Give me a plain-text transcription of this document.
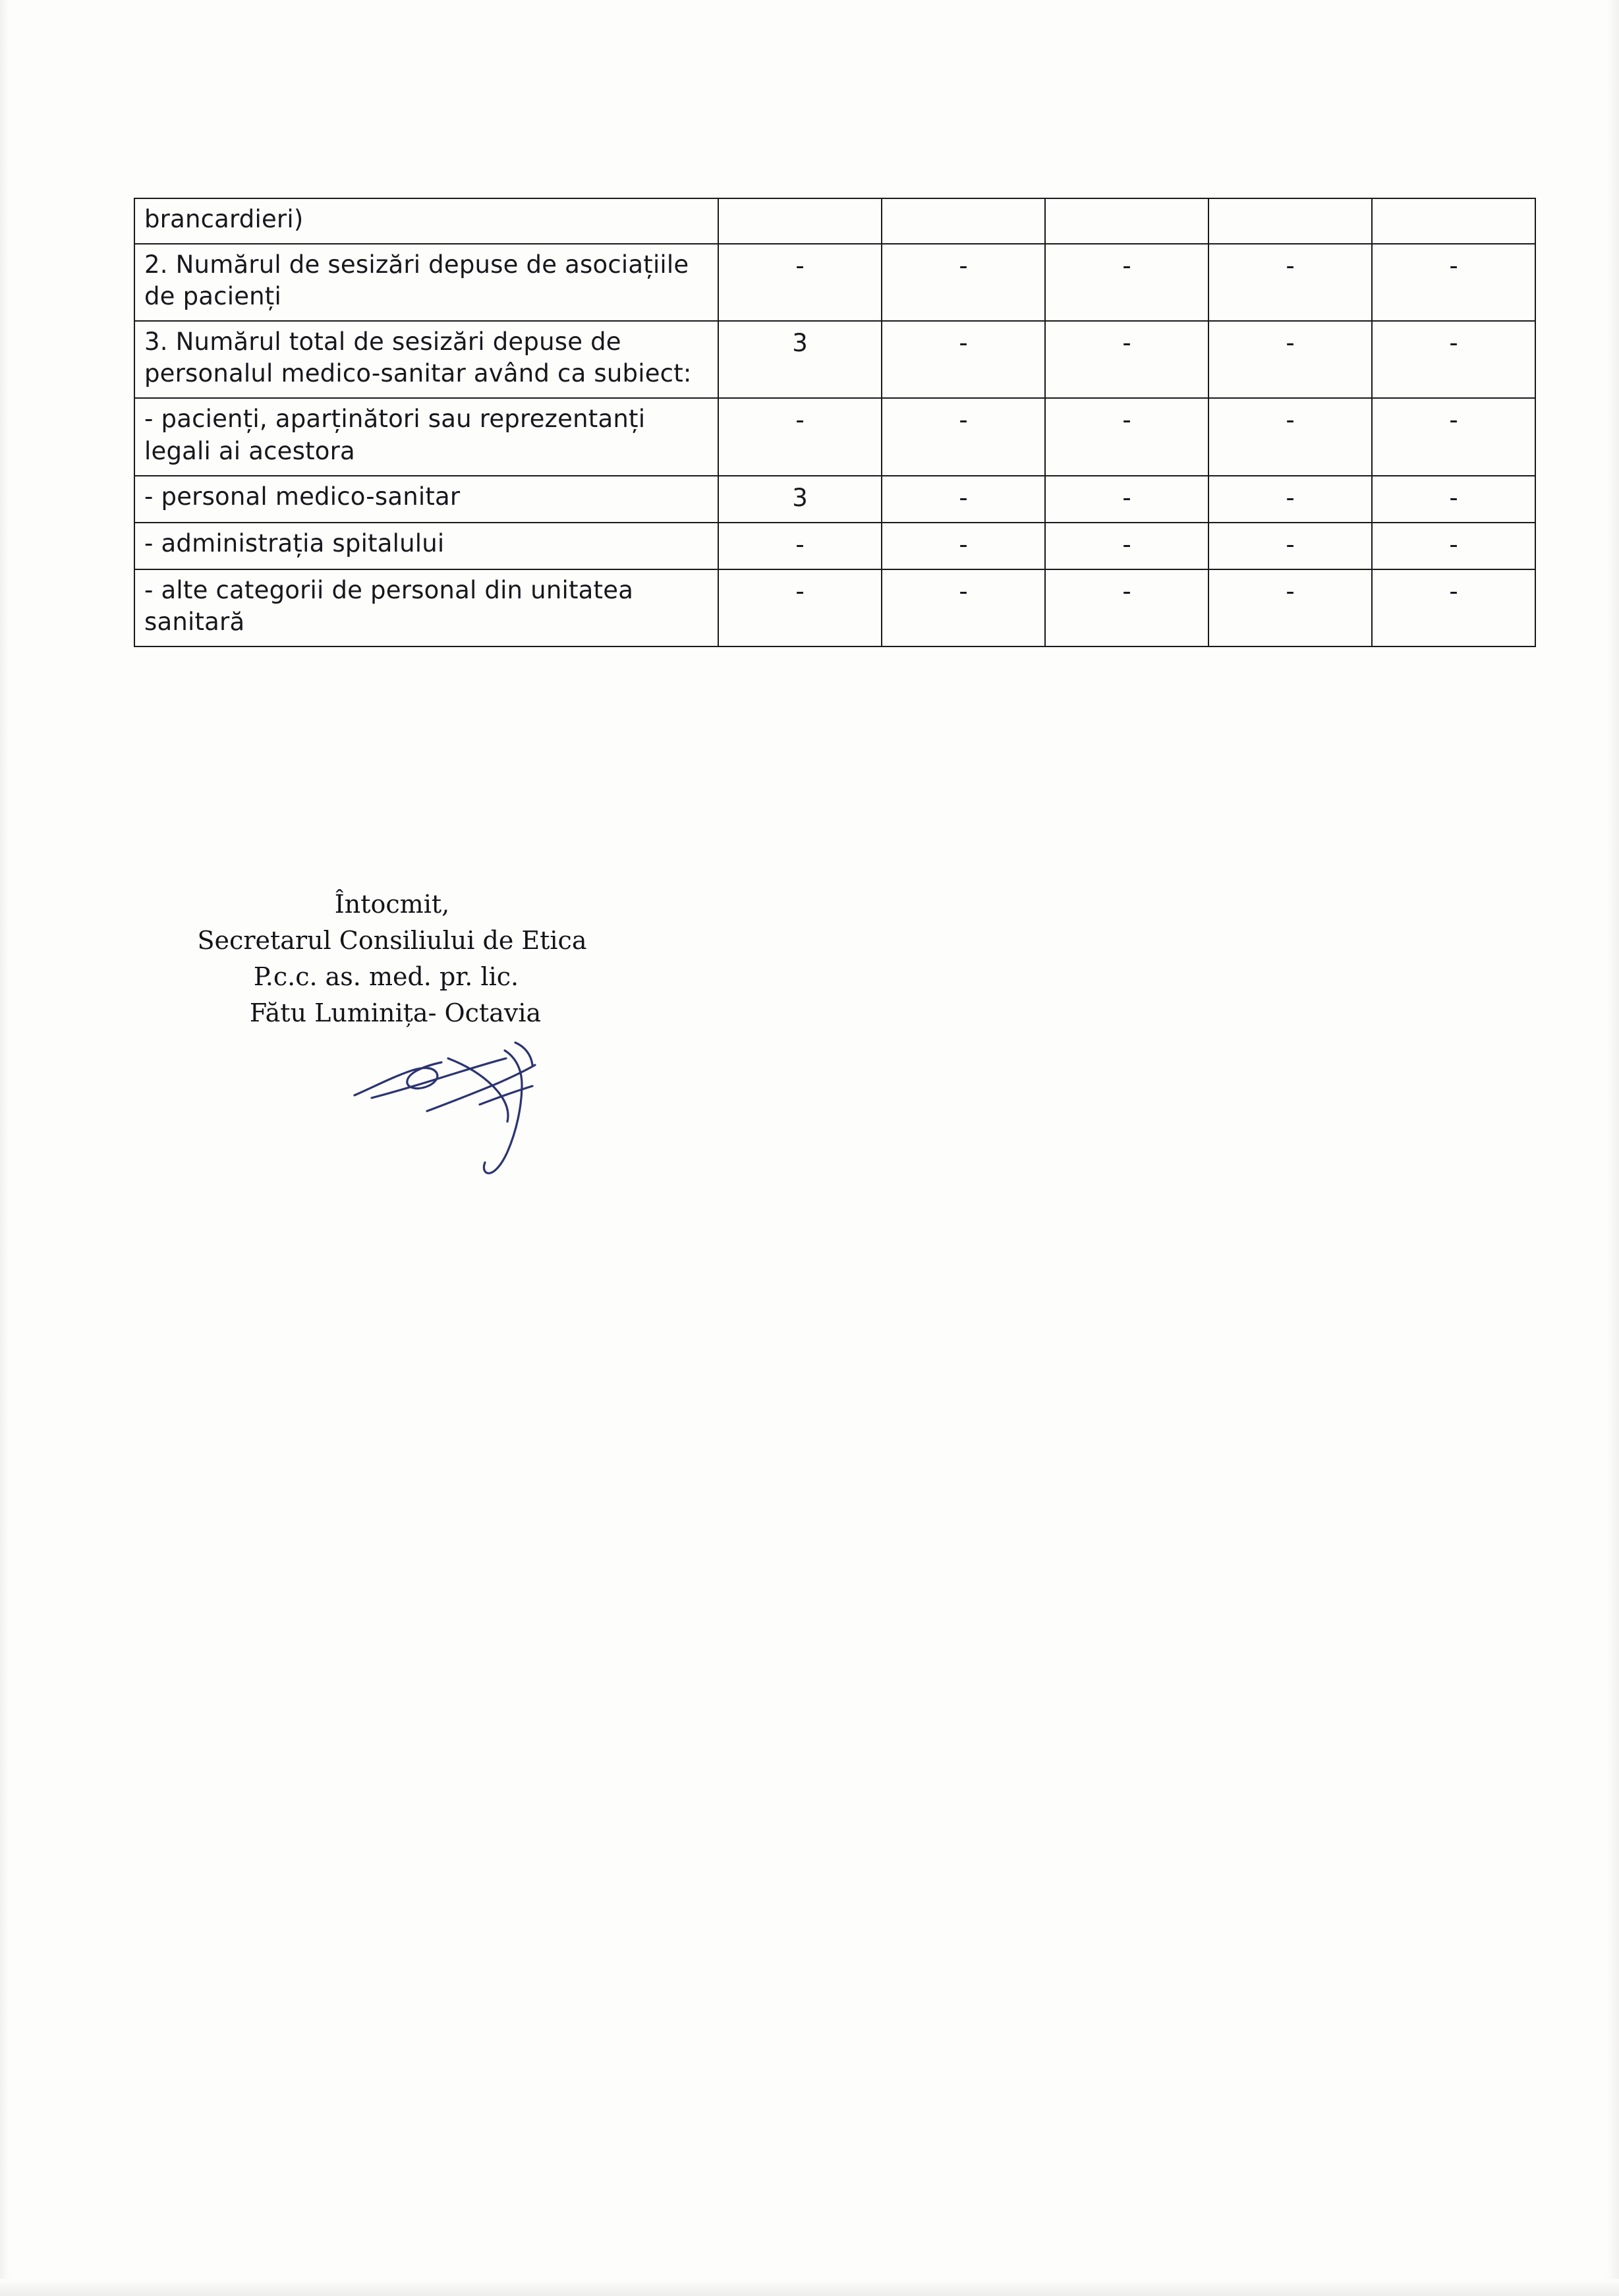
brancardieri)					
2. Numărul de sesizări depuse de asociațiile de pacienți	-	-	-	-	-
3. Numărul total de sesizări depuse de personalul medico-sanitar având ca subiect:	3	-	-	-	-
- pacienți, aparținători sau reprezentanți legali ai acestora	-	-	-	-	-
- personal medico-sanitar	3	-	-	-	-
- administrația spitalului	-	-	-	-	-
- alte categorii de personal din unitatea sanitară	-	-	-	-	-
Întocmit,
Secretarul Consiliului de Etica
P.c.c. as. med. pr. lic.
Fătu Luminița- Octavia
